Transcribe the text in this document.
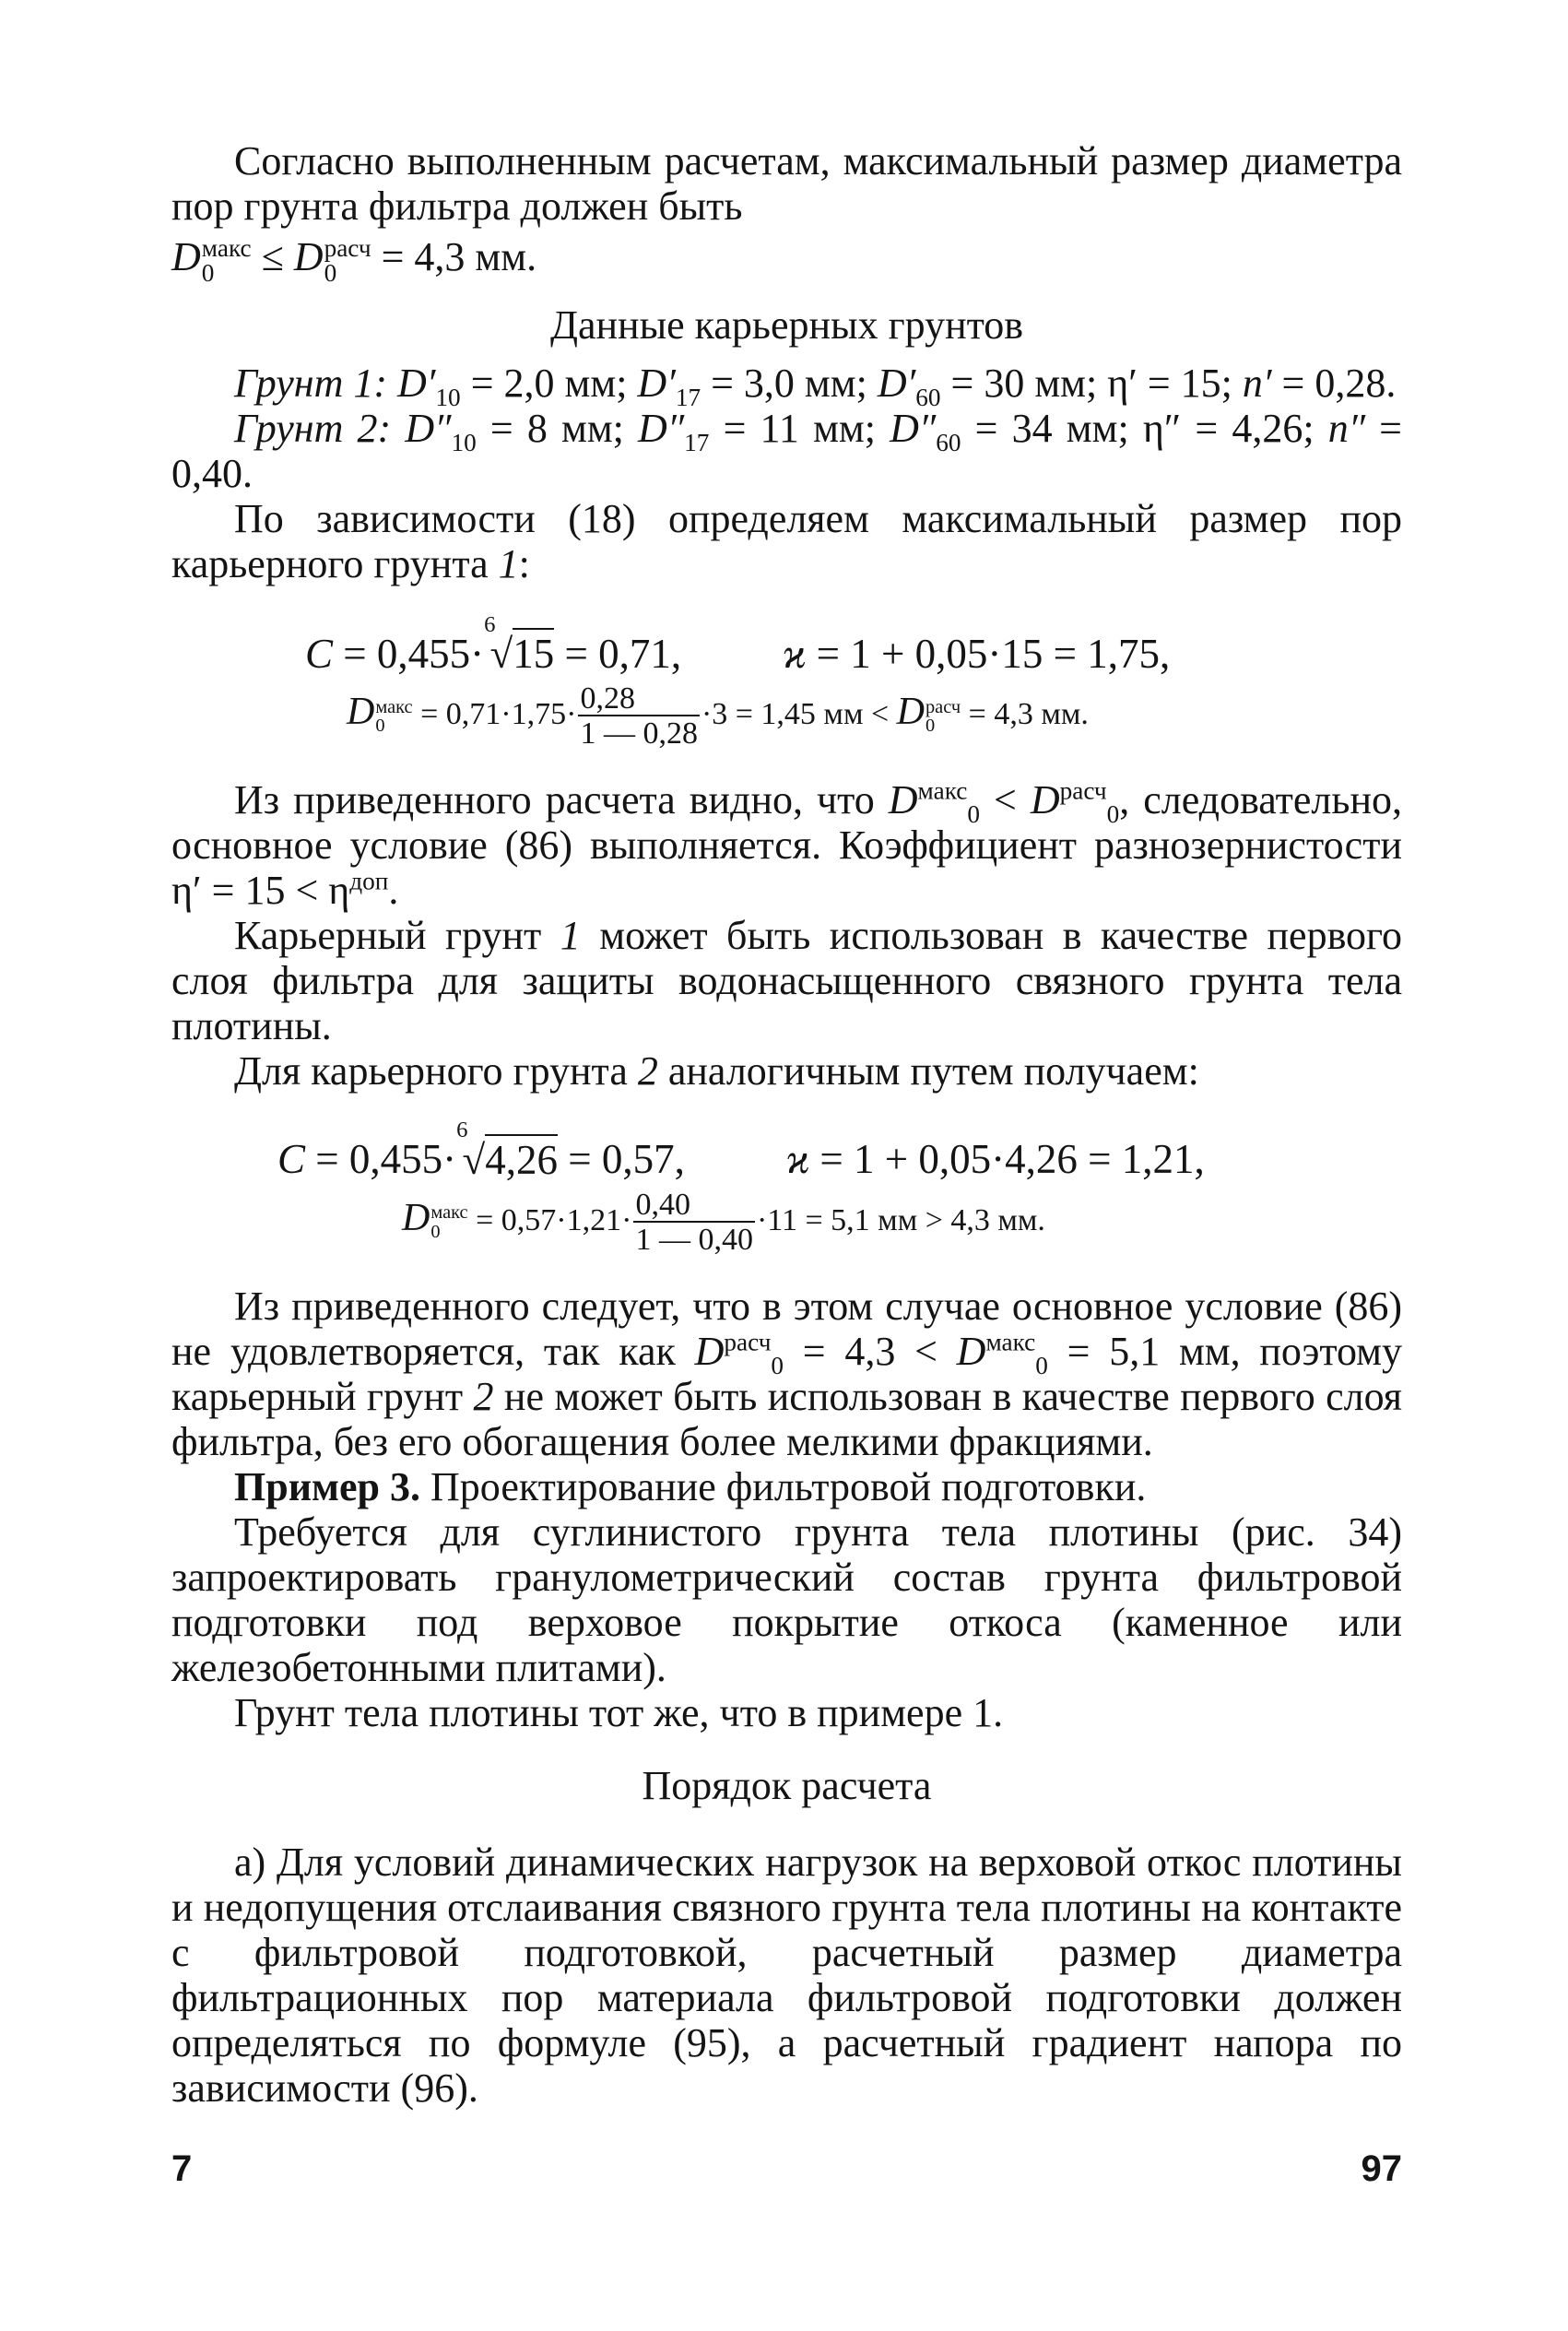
Согласно выполненным расчетам, максимальный размер диаметра пор грунта фильтра должен быть

D макс
0 ≤ D расч
0 = 4,3 мм.

Данные карьерных грунтов

Грунт 1: $D'_{10} = 2,0$ мм; $D'_{17} = 3,0$ мм; $D'_{60} = 30$ мм; η′ = 15; n′ = 0,28.

Грунт 2: $D''_{10} = 8$ мм; $D''_{17} = 11$ мм; $D''_{60} = 34$ мм; η″ = 4,26; n″ = 0,40.

По зависимости (18) определяем максимальный размер пор карьерного грунта 1:

C = 0,455·$^6$√15 = 0,71, ϰ = 1 + 0,05·15 = 1,75,

D макс
$0 = 0,71\cdot 1,75\cdot \frac{0,28}{1 — 0,28} \cdot 3 = 1,45$ мм < D расч
0 = 4,3 мм.

Из приведенного расчета видно, что $D^{макс}_0 < D^{расч}_0$, следовательно, основное условие (86) выполняется. Коэффициент разнозернистости $\eta' = 15 < \eta^{доп}$.

Карьерный грунт 1 может быть использован в качестве первого слоя фильтра для защиты водонасыщенного связного грунта тела плотины.

Для карьерного грунта 2 аналогичным путем получаем:

C = 0,455·$^6$√4,26 = 0,57, ϰ = 1 + 0,05·4,26 = 1,21,

D макс
$0 = 0,57\cdot 1,21\cdot \frac{0,40}{1 — 0,40} \cdot 11 = 5,1$ мм > 4,3 мм.

Из приведенного следует, что в этом случае основное условие (86) не удовлетворяется, так как $D^{расч}_0 = 4,3 < D^{макс}_0 = 5,1$ мм, поэтому карьерный грунт 2 не может быть использован в качестве первого слоя фильтра, без его обогащения более мелкими фракциями.

Пример 3. Проектирование фильтровой подготовки.

Требуется для суглинистого грунта тела плотины (рис. 34) запроектировать гранулометрический состав грунта фильтровой подготовки под верховое покрытие откоса (каменное или железобетонными плитами).

Грунт тела плотины тот же, что в примере 1.

Порядок расчета

а) Для условий динамических нагрузок на верховой откос плотины и недопущения отслаивания связного грунта тела плотины на контакте с фильтровой подготовкой, расчетный размер диаметра фильтрационных пор материала фильтровой подготовки должен определяться по формуле (95), а расчетный градиент напора по зависимости (96).

7	97
